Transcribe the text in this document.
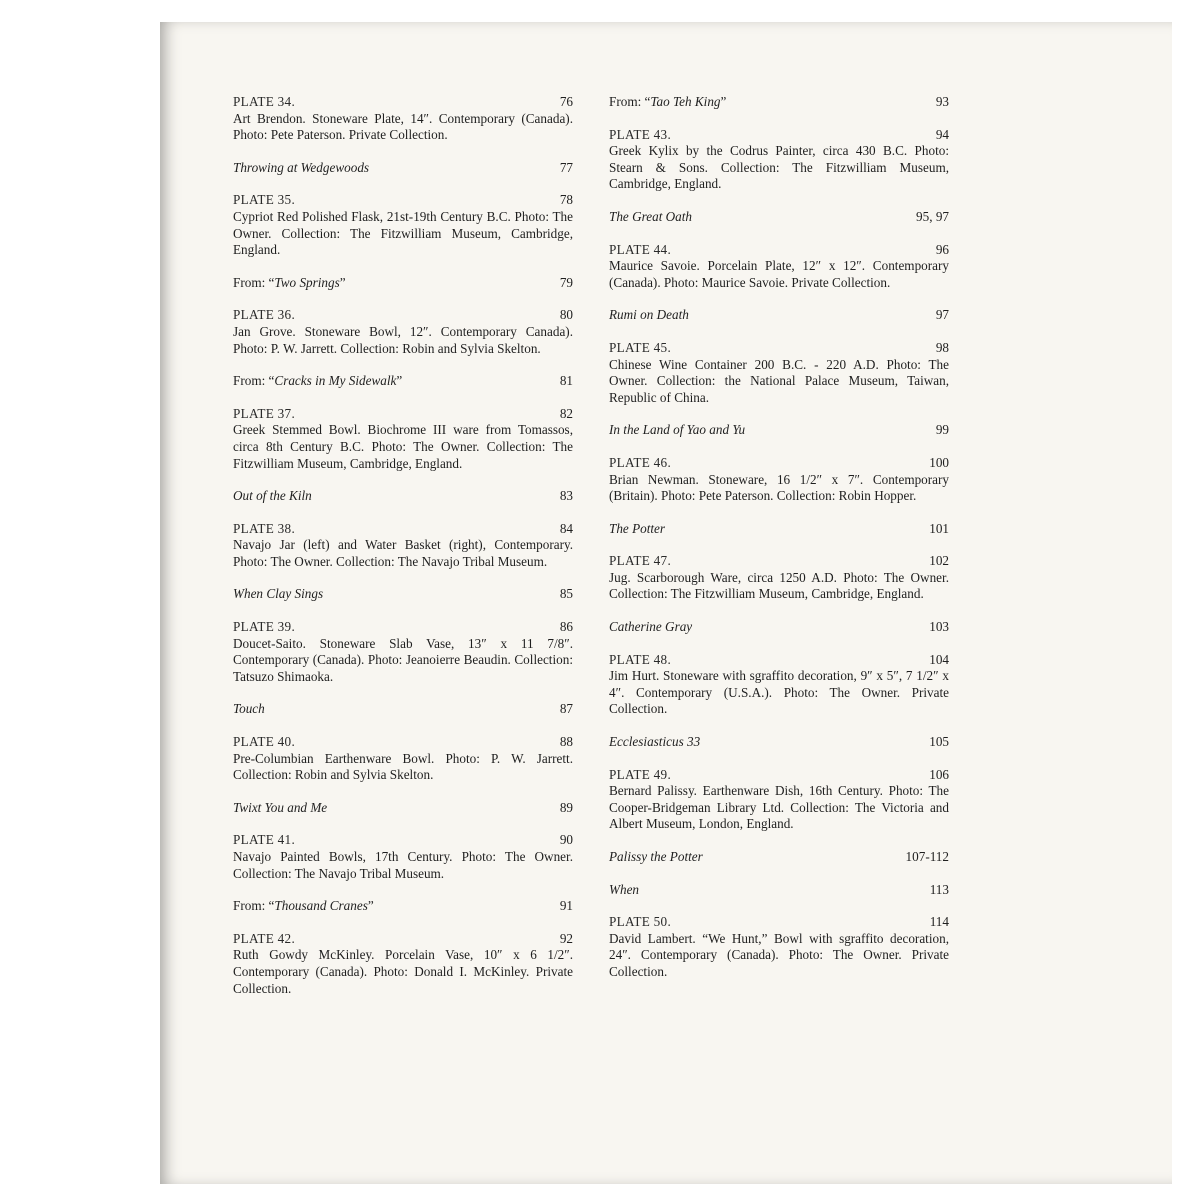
PLATE 34.	76
Art Brendon. Stoneware Plate, 14″. Contemporary (Canada). Photo: Pete Paterson. Private Collection.
Throwing at Wedgewoods	77
PLATE 35.	78
Cypriot Red Polished Flask, 21st-19th Century B.C. Photo: The Owner. Collection: The Fitzwilliam Museum, Cambridge, England.
From: “Two Springs”	79
PLATE 36.	80
Jan Grove. Stoneware Bowl, 12″. Contemporary Canada). Photo: P. W. Jarrett. Collection: Robin and Sylvia Skelton.
From: “Cracks in My Sidewalk”	81
PLATE 37.	82
Greek Stemmed Bowl. Biochrome III ware from Tomassos, circa 8th Century B.C. Photo: The Owner. Collection: The Fitzwilliam Museum, Cambridge, England.
Out of the Kiln	83
PLATE 38.	84
Navajo Jar (left) and Water Basket (right), Contemporary. Photo: The Owner. Collection: The Navajo Tribal Museum.
When Clay Sings	85
PLATE 39.	86
Doucet-Saito. Stoneware Slab Vase, 13″ x 11 7/8″. Contemporary (Canada). Photo: Jeanoierre Beaudin. Collection: Tatsuzo Shimaoka.
Touch	87
PLATE 40.	88
Pre-Columbian Earthenware Bowl. Photo: P. W. Jarrett. Collection: Robin and Sylvia Skelton.
Twixt You and Me	89
PLATE 41.	90
Navajo Painted Bowls, 17th Century. Photo: The Owner. Collection: The Navajo Tribal Museum.
From: “Thousand Cranes”	91
PLATE 42.	92
Ruth Gowdy McKinley. Porcelain Vase, 10″ x 6 1/2″. Contemporary (Canada). Photo: Donald I. McKinley. Private Collection.
From: “Tao Teh King”	93
PLATE 43.	94
Greek Kylix by the Codrus Painter, circa 430 B.C. Photo: Stearn & Sons. Collection: The Fitzwilliam Museum, Cambridge, England.
The Great Oath	95, 97
PLATE 44.	96
Maurice Savoie. Porcelain Plate, 12″ x 12″. Contemporary (Canada). Photo: Maurice Savoie. Private Collection.
Rumi on Death	97
PLATE 45.	98
Chinese Wine Container 200 B.C. - 220 A.D. Photo: The Owner. Collection: the National Palace Museum, Taiwan, Republic of China.
In the Land of Yao and Yu	99
PLATE 46.	100
Brian Newman. Stoneware, 16 1/2″ x 7″. Contemporary (Britain). Photo: Pete Paterson. Collection: Robin Hopper.
The Potter	101
PLATE 47.	102
Jug. Scarborough Ware, circa 1250 A.D. Photo: The Owner. Collection: The Fitzwilliam Museum, Cambridge, England.
Catherine Gray	103
PLATE 48.	104
Jim Hurt. Stoneware with sgraffito decoration, 9″ x 5″, 7 1/2″ x 4″. Contemporary (U.S.A.). Photo: The Owner. Private Collection.
Ecclesiasticus 33	105
PLATE 49.	106
Bernard Palissy. Earthenware Dish, 16th Century. Photo: The Cooper-Bridgeman Library Ltd. Collection: The Victoria and Albert Museum, London, England.
Palissy the Potter	107-112
When	113
PLATE 50.	114
David Lambert. “We Hunt,” Bowl with sgraffito decoration, 24″. Contemporary (Canada). Photo: The Owner. Private Collection.
